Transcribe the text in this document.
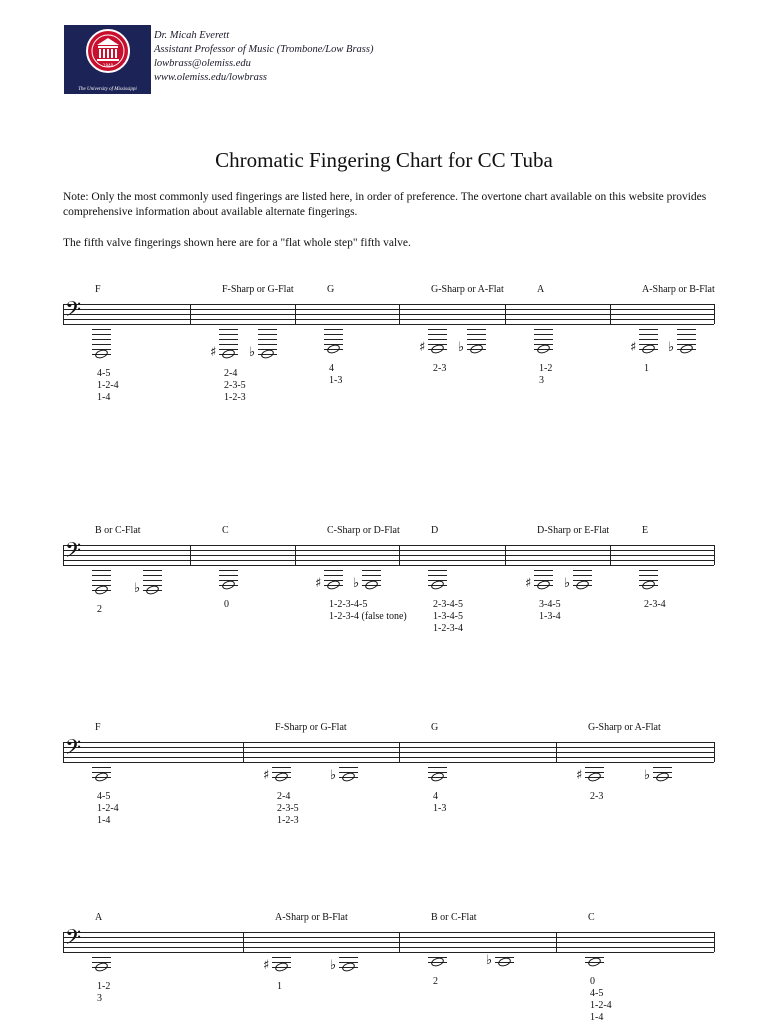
1848
The University of Mississippi
Dr. Micah Everett
Assistant Professor of Music (Trombone/Low Brass)
lowbrass@olemiss.edu
www.olemiss.edu/lowbrass
Chromatic Fingering Chart for CC Tuba
Note: Only the most commonly used fingerings are listed here, in order of preference. The overtone chart available on this website provides comprehensive information about available alternate fingerings.
The fifth valve fingerings shown here are for a "flat whole step" fifth valve.
𝄢
F
4-5
1-2-4
1-4
F-Sharp or G-Flat
♯	♭
2-4
2-3-5
1-2-3
G
4
1-3
G-Sharp or A-Flat
♯	♭
2-3
A
1-2
3
A-Sharp or B-Flat
♯ ♭
1
𝄢
B or C-Flat
♭
2
C
0
C-Sharp or D-Flat
♯ ♭
1-2-3-4-5
1-2-3-4 (false tone)
D
2-3-4-5
1-3-4-5
1-2-3-4
D-Sharp or E-Flat
♯	♭
3-4-5
1-3-4
E
2-3-4
𝄢
F
4-5
1-2-4
1-4
F-Sharp or G-Flat
♯	♭
2-4
2-3-5
1-2-3
G
4
1-3
G-Sharp or A-Flat
♯	♭
2-3
𝄢
A
1-2
3
A-Sharp or B-Flat
♯	♭
1
B or C-Flat
♭
2
C
0
4-5
1-2-4
1-4
